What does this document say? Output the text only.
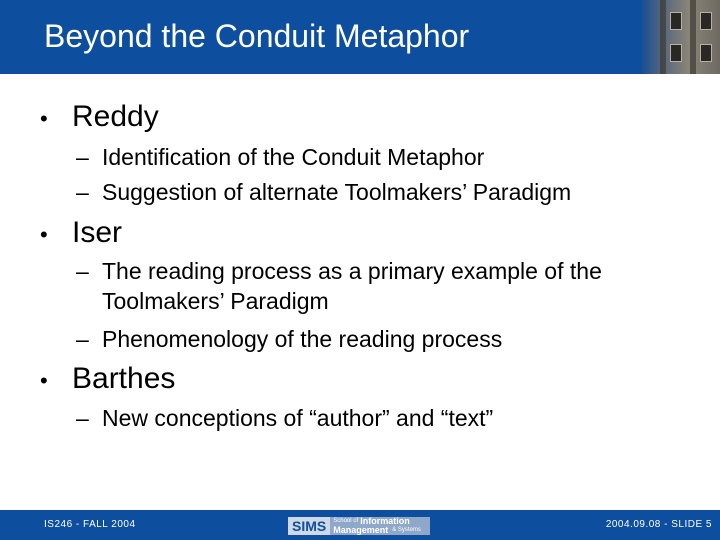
Beyond the Conduit Metaphor
• Reddy
– Identification of the Conduit Metaphor
– Suggestion of alternate Toolmakers’ Paradigm
• Iser
– The reading process as a primary example of the Toolmakers’ Paradigm
– Phenomenology of the reading process
• Barthes
– New conceptions of “author” and “text”
IS246 - FALL 2004	SIMS	School of Information
Management & Systems	2004.09.08 - SLIDE 5
